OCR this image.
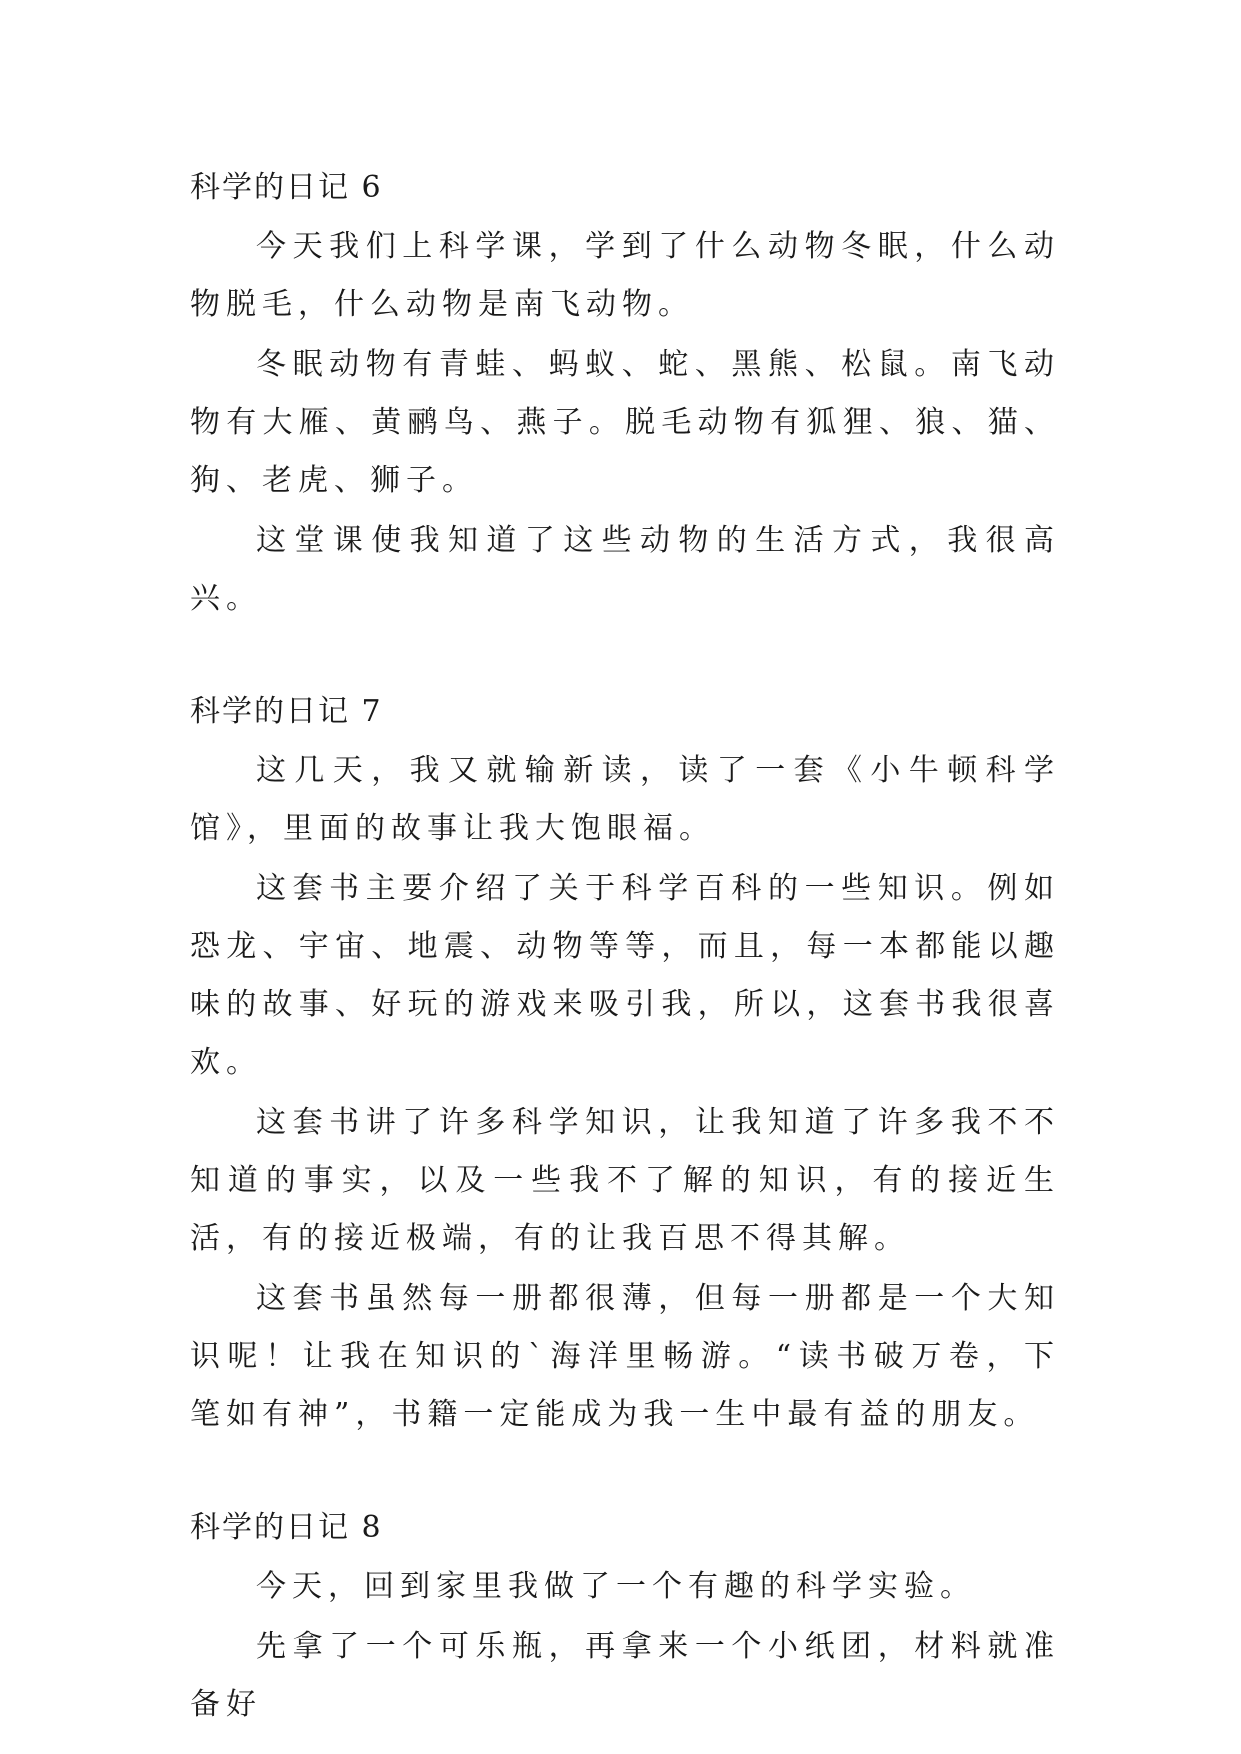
科学的日记 6

今天我们上科学课，学到了什么动物冬眠，什么动物脱毛，什么动物是南飞动物。

冬眠动物有青蛙、蚂蚁、蛇、黑熊、松鼠。南飞动物有大雁、黄鹂鸟、燕子。脱毛动物有狐狸、狼、猫、狗、老虎、狮子。

这堂课使我知道了这些动物的生活方式，我很高兴。

科学的日记 7

这几天，我又就输新读，读了一套《小牛顿科学馆》，里面的故事让我大饱眼福。

这套书主要介绍了关于科学百科的一些知识。例如恐龙、宇宙、地震、动物等等，而且，每一本都能以趣味的故事、好玩的游戏来吸引我，所以，这套书我很喜欢。

这套书讲了许多科学知识，让我知道了许多我不不知道的事实，以及一些我不了解的知识，有的接近生活，有的接近极端，有的让我百思不得其解。

这套书虽然每一册都很薄，但每一册都是一个大知识呢！让我在知识的`海洋里畅游。“读书破万卷，下笔如有神”，书籍一定能成为我一生中最有益的朋友。

科学的日记 8

今天，回到家里我做了一个有趣的科学实验。

先拿了一个可乐瓶，再拿来一个小纸团，材料就准备好
